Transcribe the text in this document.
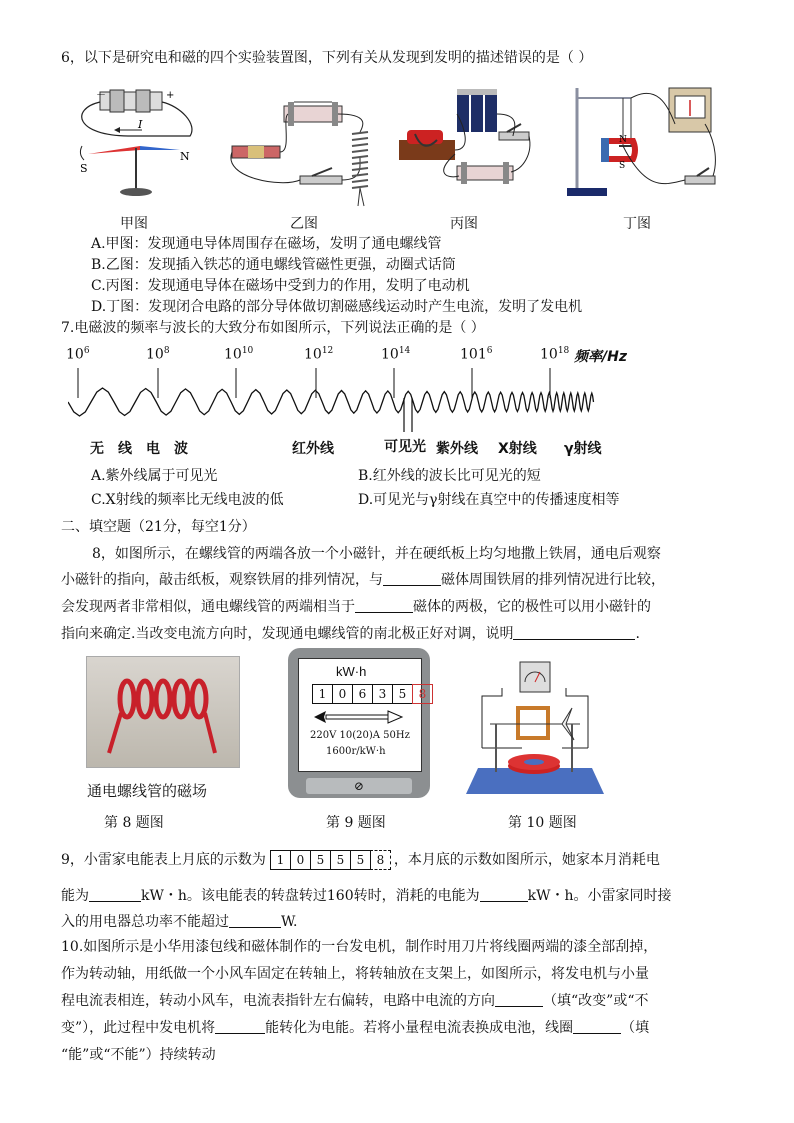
6，以下是研究电和磁的四个实验装置图，下列有关从发现到发明的描述错误的是（ ）
－	+
I
S
N
N
S
甲图	乙图	丙图	丁图
A.甲图：发现通电导体周围存在磁场，发明了通电螺线管
B.乙图：发现插入铁芯的通电螺线管磁性更强，动圈式话筒
C.丙图：发现通电导体在磁场中受到力的作用，发明了电动机
D.丁图：发现闭合电路的部分导体做切割磁感线运动时产生电流，发明了发电机
7.电磁波的频率与波长的大致分布如图所示，下列说法正确的是（ ）
$10^6$	$10^8$	$10^{10}$	$10^{12}$	$10^{14}$	$101^6$	$10^{18}$ 频率/Hz
无　线　电　波	红外线	可见光 紫外线 X射线 γ射线
A.紫外线属于可见光	B.红外线的波长比可见光的短
C.X射线的频率比无线电波的低	D.可见光与γ射线在真空中的传播速度相等
二、填空题（21分，每空1分）
8，如图所示，在螺线管的两端各放一个小磁针，并在硬纸板上均匀地撒上铁屑，通电后观察
小磁针的指向，敲击纸板，观察铁屑的排列情况，与	磁体周围铁屑的排列情况进行比较，
会发现两者非常相似，通电螺线管的两端相当于	磁体的两极，它的极性可以用小磁针的
指向来确定.当改变电流方向时，发现通电螺线管的南北极正好对调，说明	.
通电螺线管的磁场
kW·h
1 0 6 3 5 8
220V 10(20)A 50Hz
1600r/kW·h
⊘
第 8 题图	第 9 题图	第 10 题图
9，小雷家电能表上月底的示数为 1 0 5 5 5 8 ，本月底的示数如图所示，她家本月消耗电
能为	kW・h。该电能表的转盘转过160转时，消耗的电能为	kW・h。小雷家同时接
入的用电器总功率不能超过	W.
10.如图所示是小华用漆包线和磁体制作的一台发电机，制作时用刀片将线圈两端的漆全部刮掉，
作为转动轴，用纸做一个小风车固定在转轴上，将转轴放在支架上，如图所示，将发电机与小量
程电流表相连，转动小风车，电流表指针左右偏转，电路中电流的方向	（填“改变”或“不
变”），此过程中发电机将	能转化为电能。若将小量程电流表换成电池，线圈	（填
“能”或“不能”）持续转动
